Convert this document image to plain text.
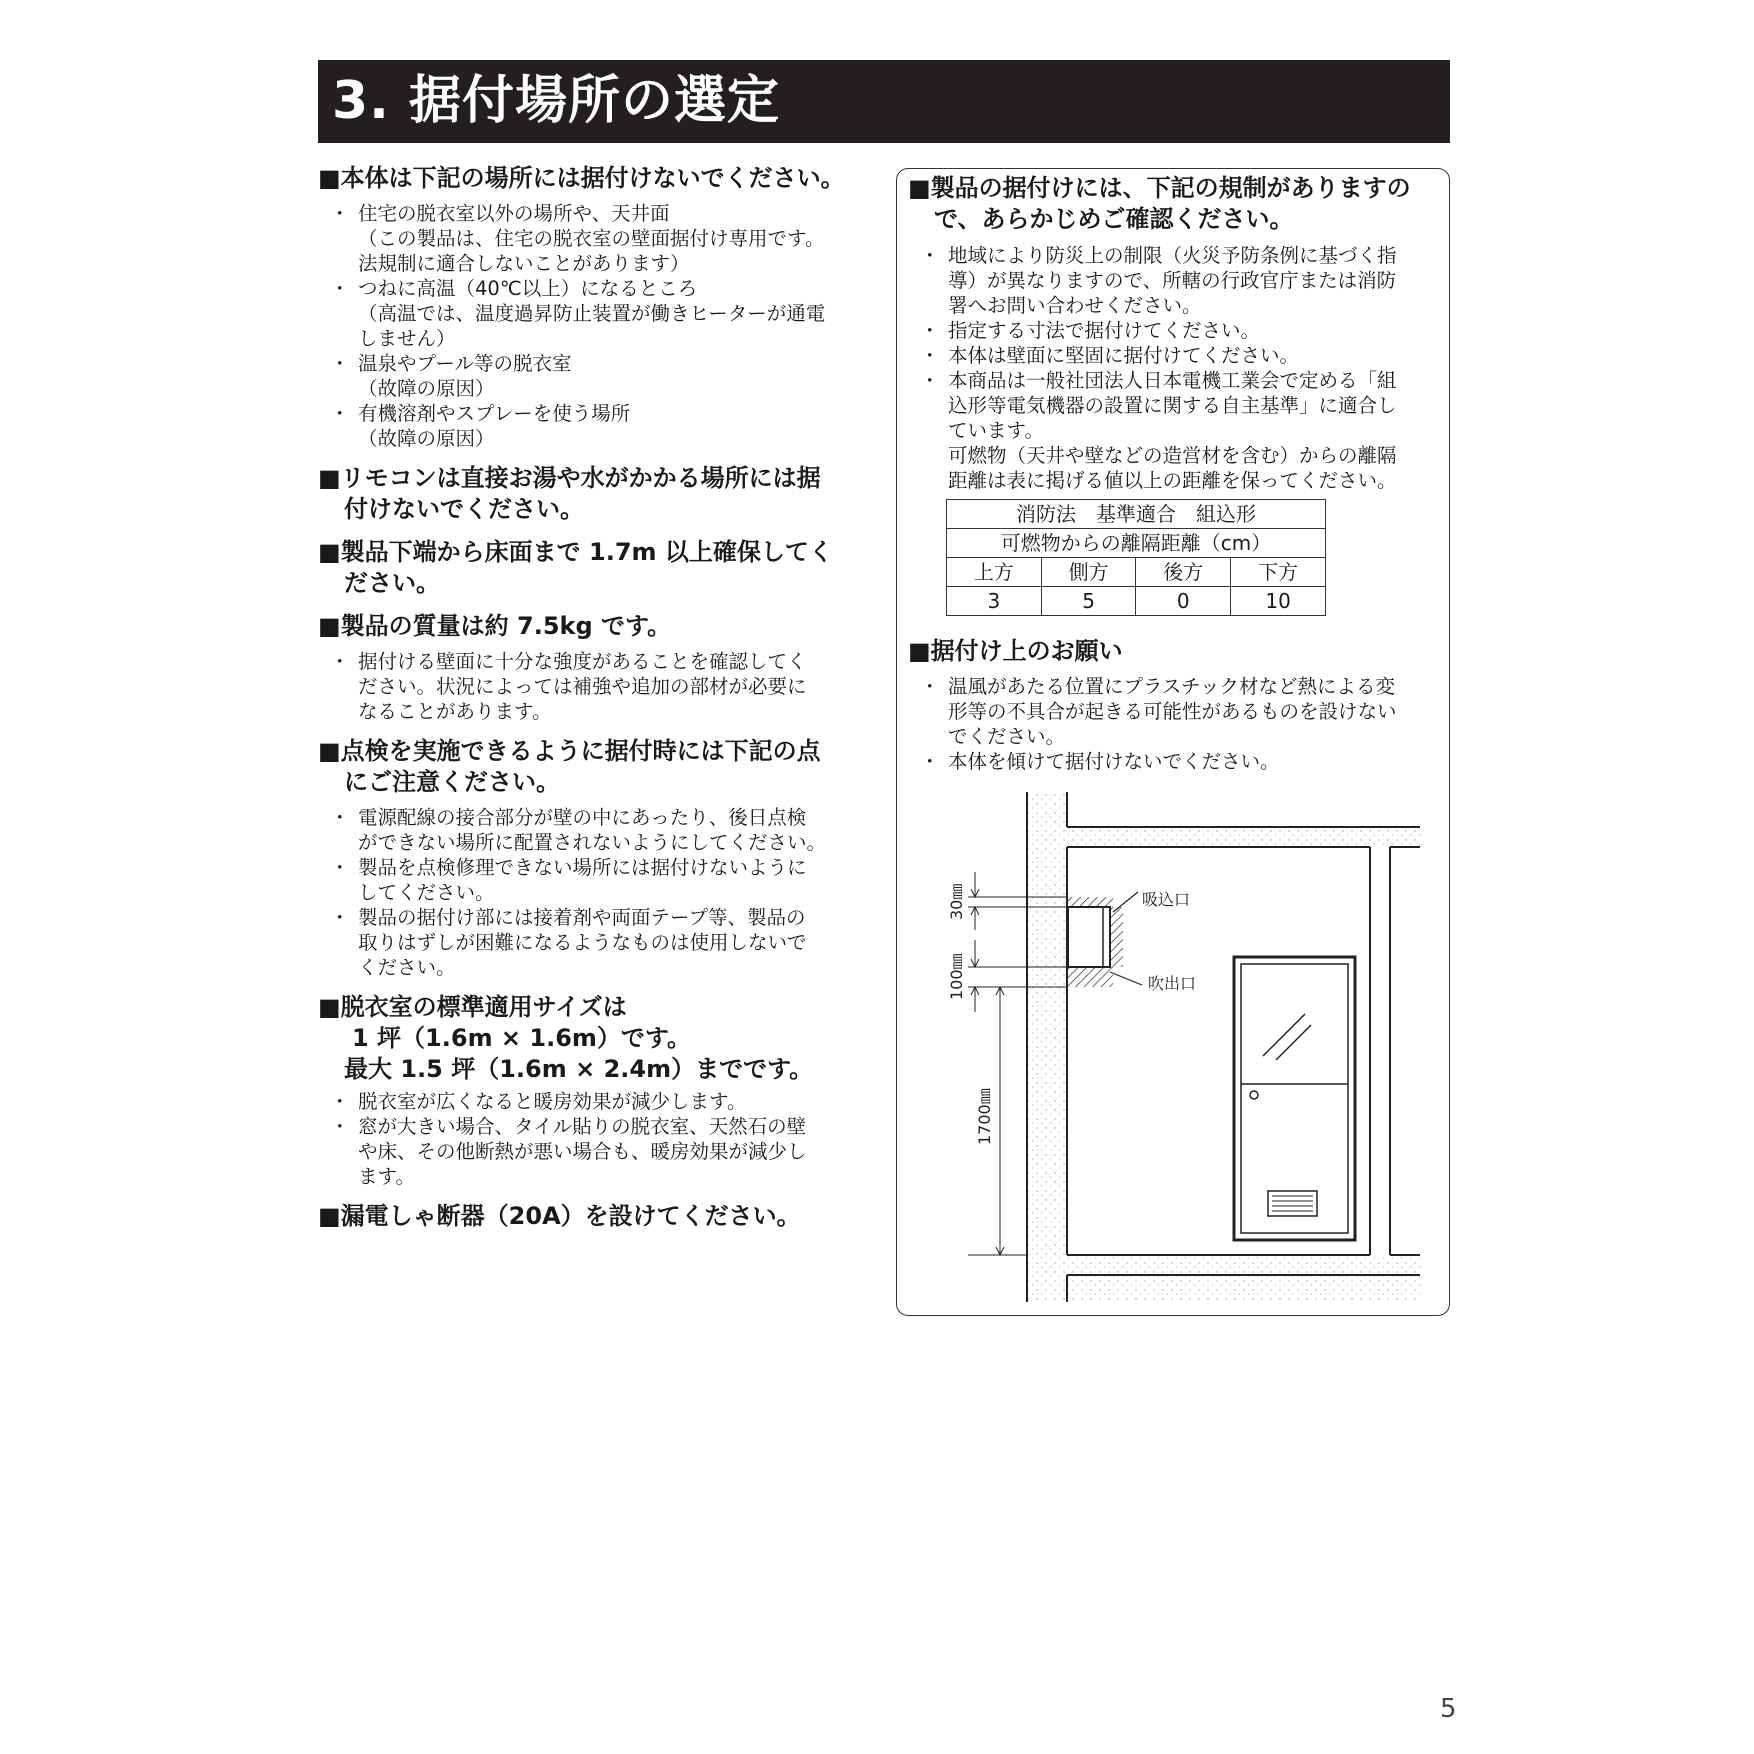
3. 据付場所の選定
■本体は下記の場所には据付けないでください。
・ 住宅の脱衣室以外の場所や、天井面
（この製品は、住宅の脱衣室の壁面据付け専用です。
法規制に適合しないことがあります）
・ つねに高温（40℃以上）になるところ
（高温では、温度過昇防止装置が働きヒーターが通電
しません）
・ 温泉やプール等の脱衣室
（故障の原因）
・ 有機溶剤やスプレーを使う場所
（故障の原因）
■リモコンは直接お湯や水がかかる場所には据
付けないでください。
■製品下端から床面まで 1.7m 以上確保してく
ださい。
■製品の質量は約 7.5kg です。
・ 据付ける壁面に十分な強度があることを確認してく
ださい。状況によっては補強や追加の部材が必要に
なることがあります。
■点検を実施できるように据付時には下記の点
にご注意ください。
・ 電源配線の接合部分が壁の中にあったり、後日点検
ができない場所に配置されないようにしてください。
・ 製品を点検修理できない場所には据付けないように
してください。
・ 製品の据付け部には接着剤や両面テープ等、製品の
取りはずしが困難になるようなものは使用しないで
ください。
■脱衣室の標準適用サイズは
1 坪（1.6m × 1.6m）です。
最大 1.5 坪（1.6m × 2.4m）までです。
・ 脱衣室が広くなると暖房効果が減少します。
・ 窓が大きい場合、タイル貼りの脱衣室、天然石の壁
や床、その他断熱が悪い場合も、暖房効果が減少し
ます。
■漏電しゃ断器（20A）を設けてください。
■製品の据付けには、下記の規制がありますの
で、あらかじめご確認ください。
・ 地域により防災上の制限（火災予防条例に基づく指
導）が異なりますので、所轄の行政官庁または消防
署へお問い合わせください。
・ 指定する寸法で据付けてください。
・ 本体は壁面に堅固に据付けてください。
・ 本商品は一般社団法人日本電機工業会で定める「組
込形等電気機器の設置に関する自主基準」に適合し
ています。
可燃物（天井や壁などの造営材を含む）からの離隔
距離は表に掲げる値以上の距離を保ってください。
消防法　基準適合　組込形			
可燃物からの離隔距離（cm）			
上方	側方	後方	下方
3	5	0	10
■据付け上のお願い
・ 温風があたる位置にプラスチック材など熱による変
形等の不具合が起きる可能性があるものを設けない
でください。
・ 本体を傾けて据付けないでください。
吸込口
吹出口
30㎜
100㎜
1700㎜
5
